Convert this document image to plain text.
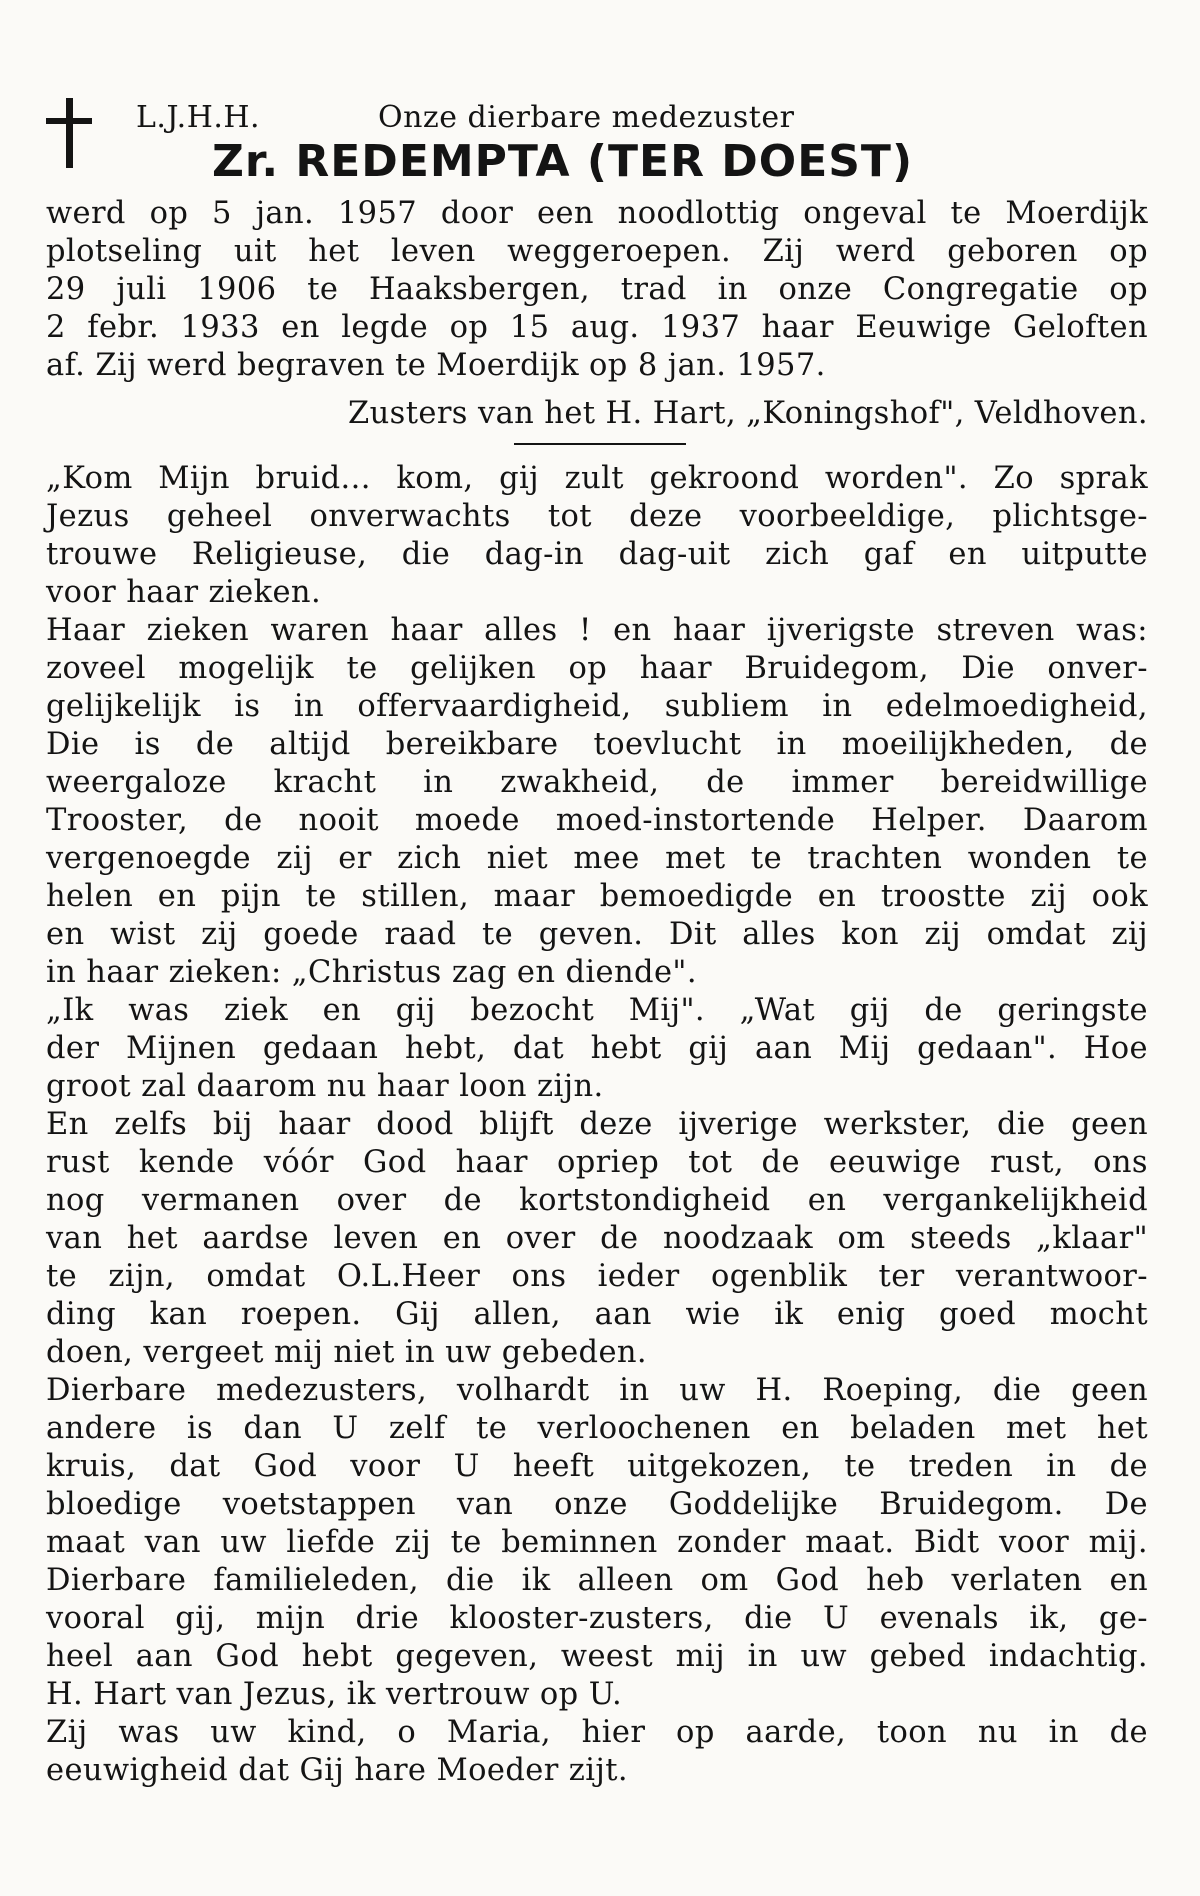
L.J.H.H.	Onze dierbare medezuster
Zr. REDEMPTA (TER DOEST)
werd op 5 jan. 1957 door een noodlottig ongeval te Moerdijk
plotseling uit het leven weggeroepen. Zij werd geboren op
29 juli 1906 te Haaksbergen, trad in onze Congregatie op
2 febr. 1933 en legde op 15 aug. 1937 haar Eeuwige Geloften
af. Zij werd begraven te Moerdijk op 8 jan. 1957.
Zusters van het H. Hart, „Koningshof", Veldhoven.
„Kom Mijn bruid... kom, gij zult gekroond worden". Zo sprak
Jezus geheel onverwachts tot deze voorbeeldige, plichtsge-
trouwe Religieuse, die dag-in dag-uit zich gaf en uitputte
voor haar zieken.
Haar zieken waren haar alles ! en haar ijverigste streven was:
zoveel mogelijk te gelijken op haar Bruidegom, Die onver-
gelijkelijk is in offervaardigheid, subliem in edelmoedigheid,
Die is de altijd bereikbare toevlucht in moeilijkheden, de
weergaloze kracht in zwakheid, de immer bereidwillige
Trooster, de nooit moede moed-instortende Helper. Daarom
vergenoegde zij er zich niet mee met te trachten wonden te
helen en pijn te stillen, maar bemoedigde en troostte zij ook
en wist zij goede raad te geven. Dit alles kon zij omdat zij
in haar zieken: „Christus zag en diende".
„Ik was ziek en gij bezocht Mij". „Wat gij de geringste
der Mijnen gedaan hebt, dat hebt gij aan Mij gedaan". Hoe
groot zal daarom nu haar loon zijn.
En zelfs bij haar dood blijft deze ijverige werkster, die geen
rust kende vóór God haar opriep tot de eeuwige rust, ons
nog vermanen over de kortstondigheid en vergankelijkheid
van het aardse leven en over de noodzaak om steeds „klaar"
te zijn, omdat O.L.Heer ons ieder ogenblik ter verantwoor-
ding kan roepen. Gij allen, aan wie ik enig goed mocht
doen, vergeet mij niet in uw gebeden.
Dierbare medezusters, volhardt in uw H. Roeping, die geen
andere is dan U zelf te verloochenen en beladen met het
kruis, dat God voor U heeft uitgekozen, te treden in de
bloedige voetstappen van onze Goddelijke Bruidegom. De
maat van uw liefde zij te beminnen zonder maat. Bidt voor mij.
Dierbare familieleden, die ik alleen om God heb verlaten en
vooral gij, mijn drie klooster-zusters, die U evenals ik, ge-
heel aan God hebt gegeven, weest mij in uw gebed indachtig.
H. Hart van Jezus, ik vertrouw op U.
Zij was uw kind, o Maria, hier op aarde, toon nu in de
eeuwigheid dat Gij hare Moeder zijt.
